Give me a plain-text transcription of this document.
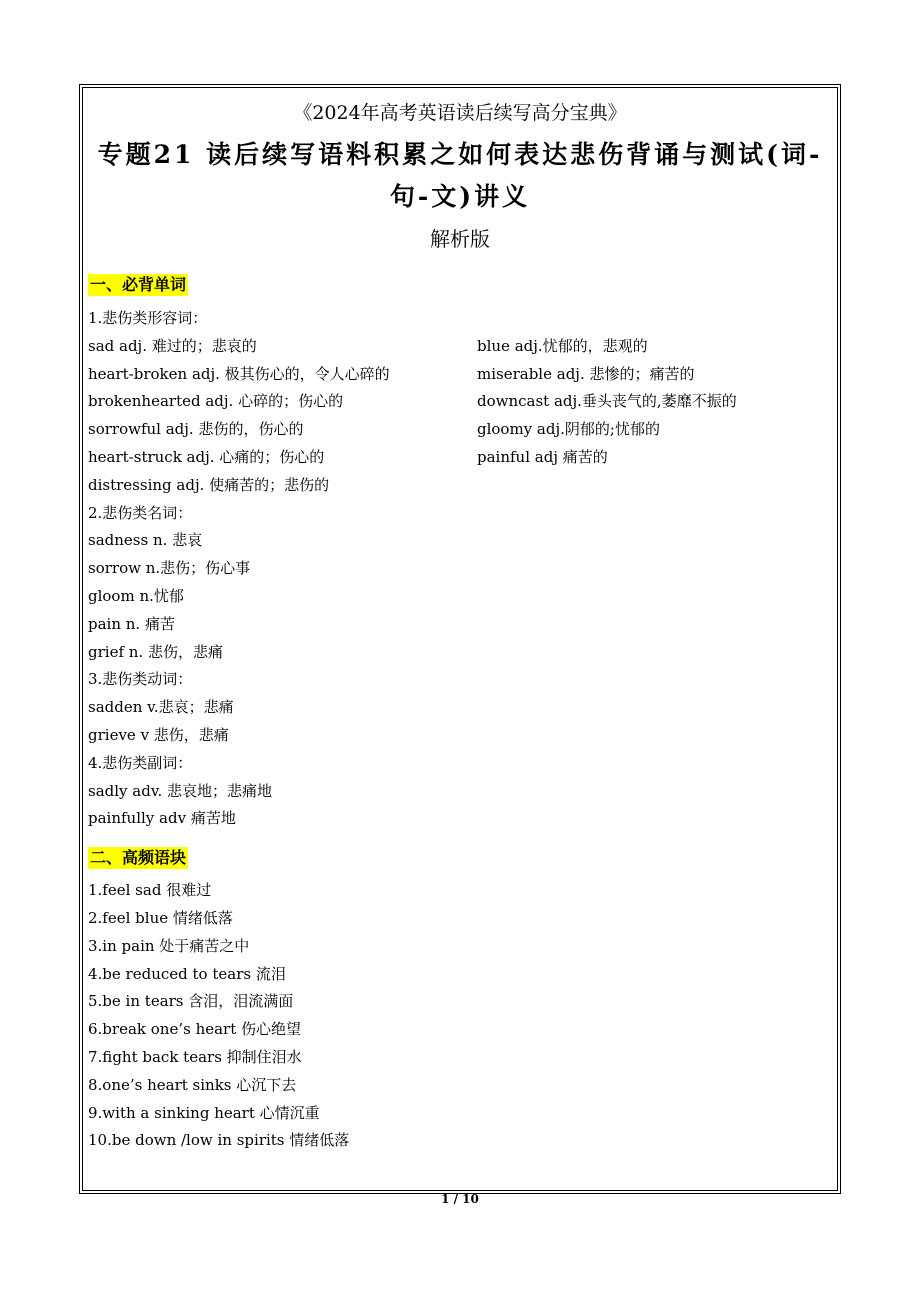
《2024年高考英语读后续写高分宝典》
专题21 读后续写语料积累之如何表达悲伤背诵与测试(词-句-文)讲义
解析版
一、必背单词
1.悲伤类形容词：
sad adj. 难过的；悲哀的
heart-broken adj. 极其伤心的，令人心碎的
brokenhearted adj. 心碎的；伤心的
sorrowful adj. 悲伤的，伤心的
heart-struck adj. 心痛的；伤心的
distressing adj. 使痛苦的；悲伤的
blue adj.忧郁的，悲观的
miserable adj. 悲惨的；痛苦的
downcast adj.垂头丧气的,萎靡不振的
gloomy adj.阴郁的;忧郁的
painful adj 痛苦的
2.悲伤类名词：
sadness n. 悲哀
sorrow n.悲伤；伤心事
gloom n.忧郁
pain n. 痛苦
grief n. 悲伤，悲痛
3.悲伤类动词：
sadden v.悲哀；悲痛
grieve v 悲伤，悲痛
4.悲伤类副词：
sadly adv. 悲哀地；悲痛地
painfully adv 痛苦地
二、高频语块
1.feel sad 很难过
2.feel blue 情绪低落
3.in pain 处于痛苦之中
4.be reduced to tears 流泪
5.be in tears 含泪，泪流满面
6.break one’s heart 伤心绝望
7.fight back tears 抑制住泪水
8.one’s heart sinks 心沉下去
9.with a sinking heart 心情沉重
10.be down /low in spirits 情绪低落
1 / 10
